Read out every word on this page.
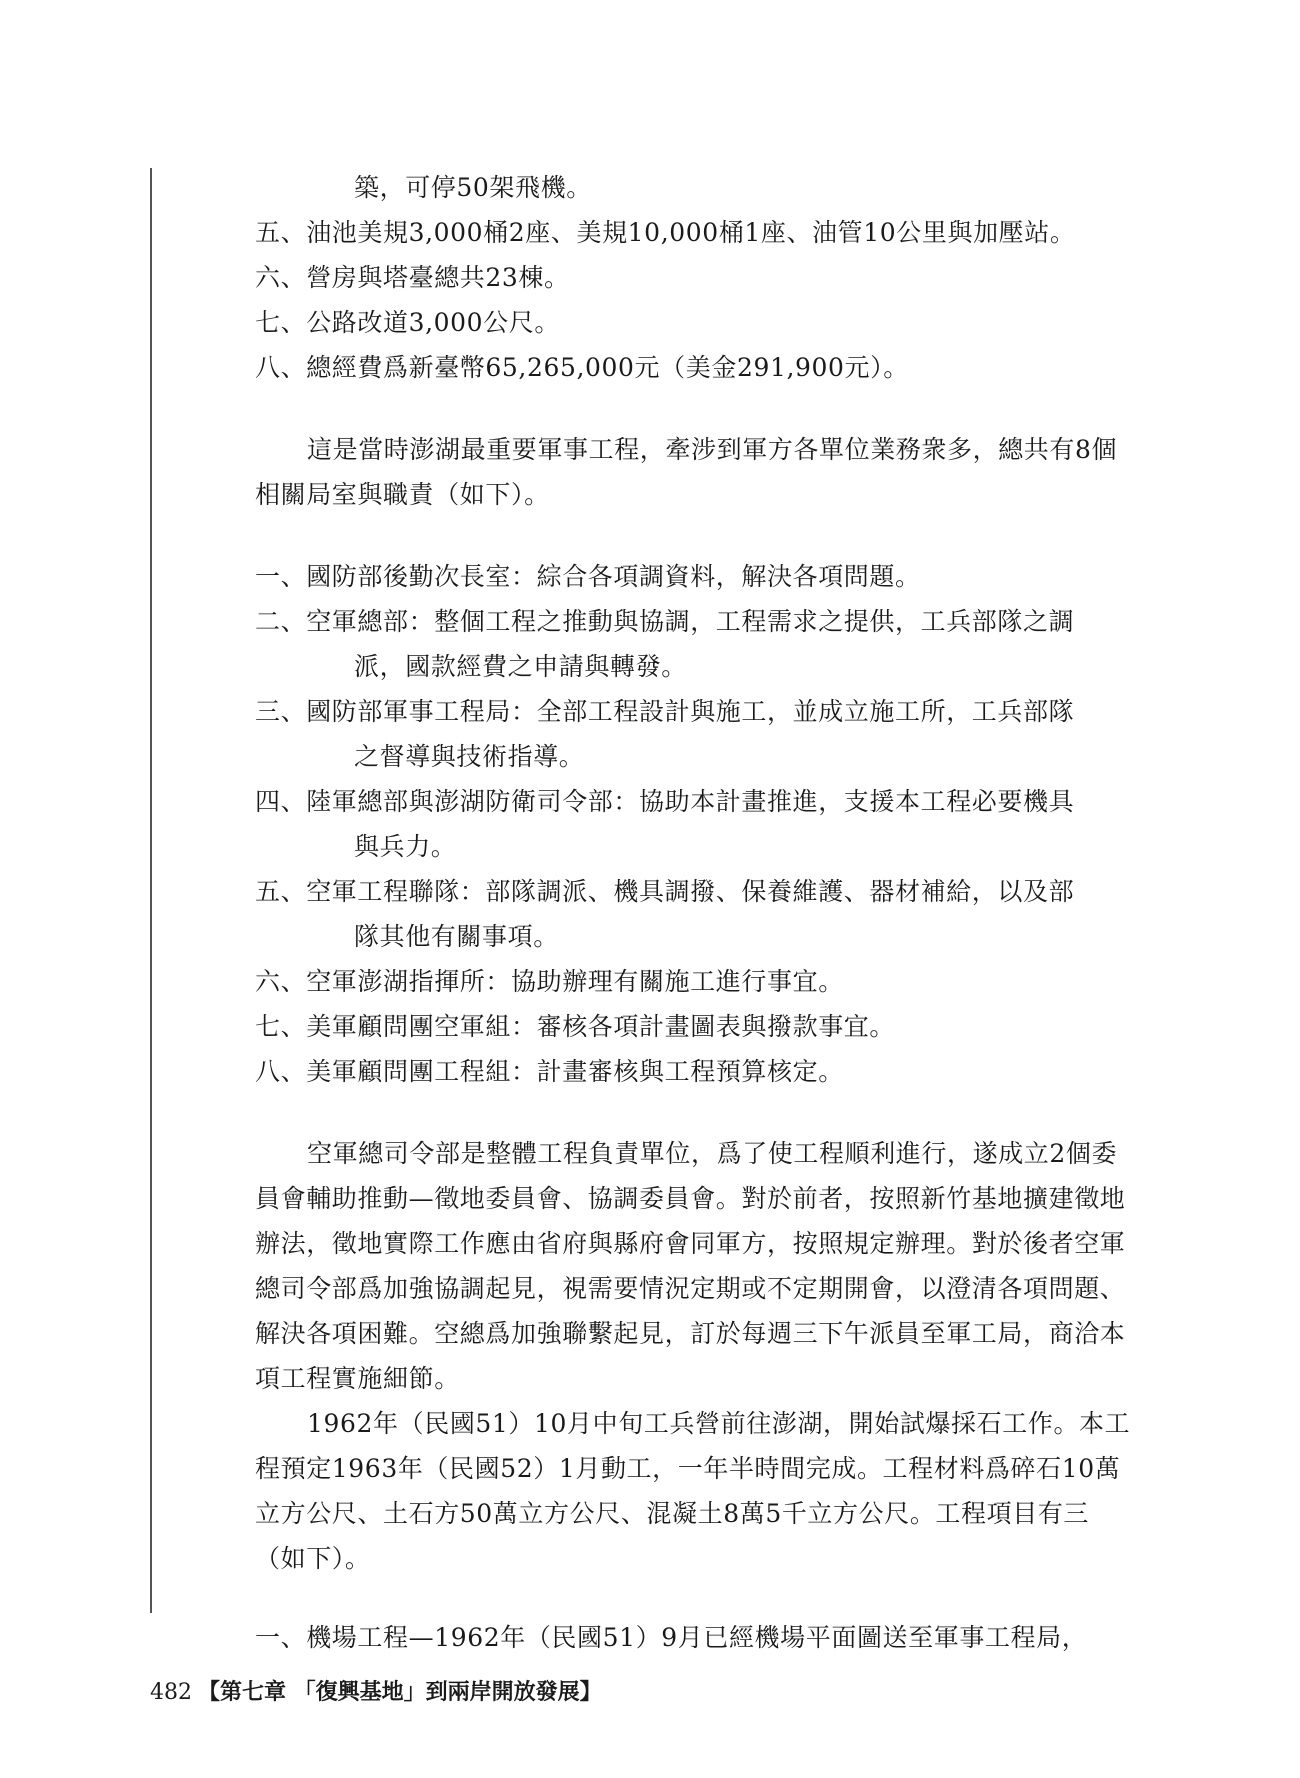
築，可停50架飛機。
五、油池美規3,000桶2座、美規10,000桶1座、油管10公里與加壓站。
六、營房與塔臺總共23棟。
七、公路改道3,000公尺。
八、總經費爲新臺幣65,265,000元（美金291,900元）。
這是當時澎湖最重要軍事工程，牽涉到軍方各單位業務衆多，總共有8個
相關局室與職責（如下）。
一、國防部後勤次長室：綜合各項調資料，解決各項問題。
二、空軍總部：整個工程之推動與協調，工程需求之提供，工兵部隊之調
派，國款經費之申請與轉發。
三、國防部軍事工程局：全部工程設計與施工，並成立施工所，工兵部隊
之督導與技術指導。
四、陸軍總部與澎湖防衛司令部：協助本計畫推進，支援本工程必要機具
與兵力。
五、空軍工程聯隊：部隊調派、機具調撥、保養維護、器材補給，以及部
隊其他有關事項。
六、空軍澎湖指揮所：協助辦理有關施工進行事宜。
七、美軍顧問團空軍組：審核各項計畫圖表與撥款事宜。
八、美軍顧問團工程組：計畫審核與工程預算核定。
空軍總司令部是整體工程負責單位，爲了使工程順利進行，遂成立2個委
員會輔助推動—徵地委員會、協調委員會。對於前者，按照新竹基地擴建徵地
辦法，徵地實際工作應由省府與縣府會同軍方，按照規定辦理。對於後者空軍
總司令部爲加強協調起見，視需要情況定期或不定期開會，以澄清各項問題、
解決各項困難。空總爲加強聯繫起見，訂於每週三下午派員至軍工局，商洽本
項工程實施細節。
1962年（民國51）10月中旬工兵營前往澎湖，開始試爆採石工作。本工
程預定1963年（民國52）1月動工，一年半時間完成。工程材料爲碎石10萬
立方公尺、土石方50萬立方公尺、混凝土8萬5千立方公尺。工程項目有三
（如下）。
一、機場工程—1962年（民國51）9月已經機場平面圖送至軍事工程局，
482 【第七章 「復興基地」到兩岸開放發展】
